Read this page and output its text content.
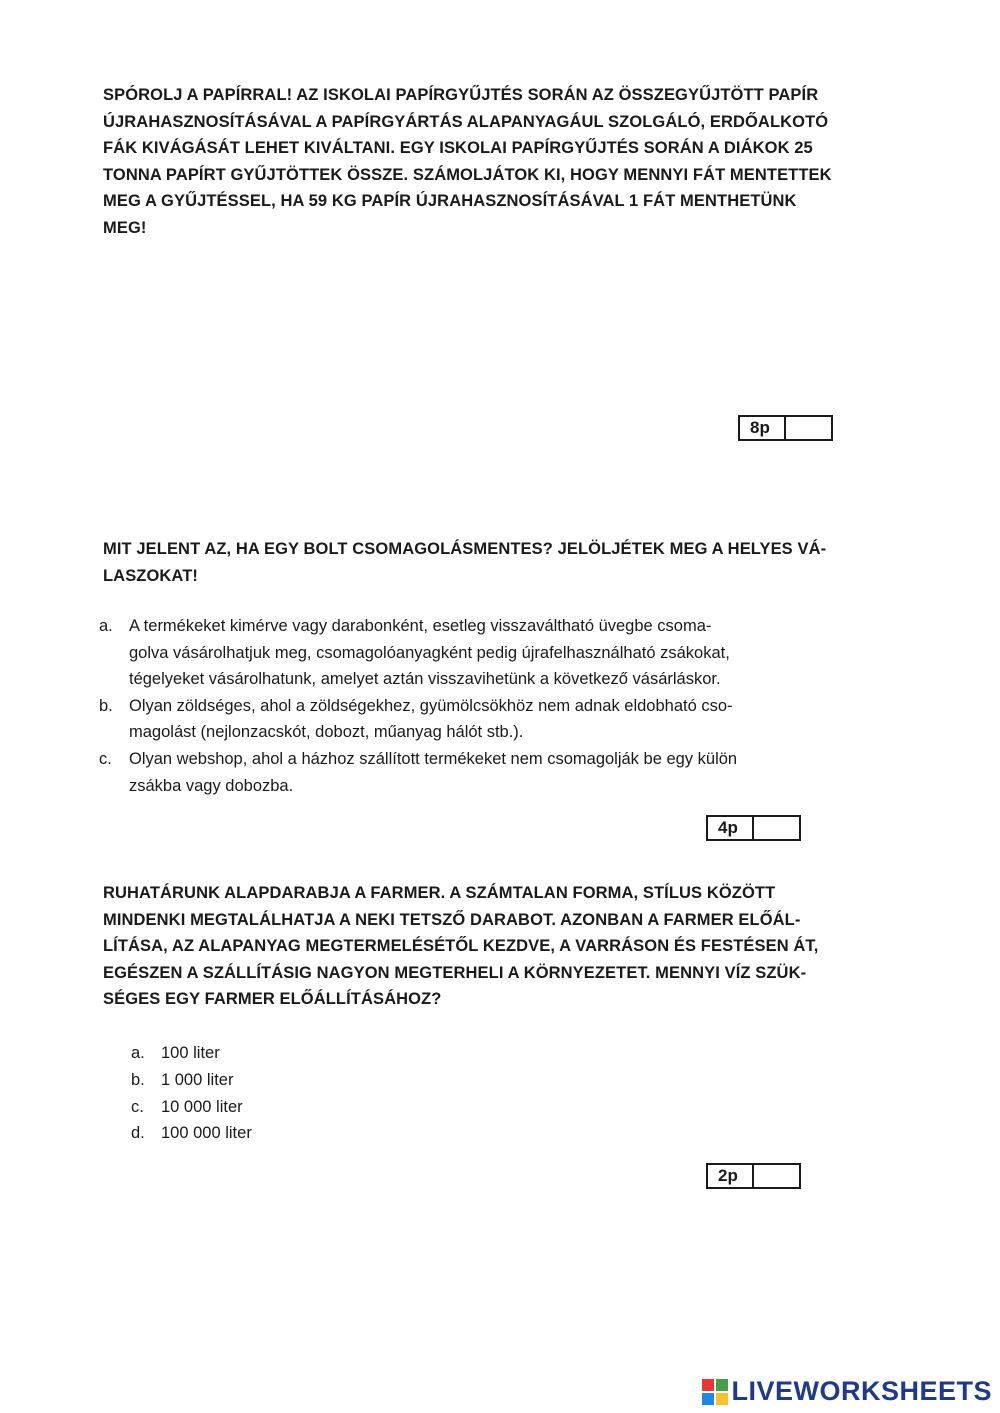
SPÓROLJ A PAPÍRRAL! AZ ISKOLAI PAPÍRGYŰJTÉS SORÁN AZ ÖSSZEGYŰJTÖTT PAPÍR
ÚJRAHASZNOSÍTÁSÁVAL A PAPÍRGYÁRTÁS ALAPANYAGÁUL SZOLGÁLÓ, ERDŐALKOTÓ
FÁK KIVÁGÁSÁT LEHET KIVÁLTANI. EGY ISKOLAI PAPÍRGYŰJTÉS SORÁN A DIÁKOK 25
TONNA PAPÍRT GYŰJTÖTTEK ÖSSZE. SZÁMOLJÁTOK KI, HOGY MENNYI FÁT MENTETTEK
MEG A GYŰJTÉSSEL, HA 59 KG PAPÍR ÚJRAHASZNOSÍTÁSÁVAL 1 FÁT MENTHETÜNK
MEG!
8p
MIT JELENT AZ, HA EGY BOLT CSOMAGOLÁSMENTES? JELÖLJÉTEK MEG A HELYES VÁ-
LASZOKAT!
a. A termékeket kimérve vagy darabonként, esetleg visszaváltható üvegbe csoma-
golva vásárolhatjuk meg, csomagolóanyagként pedig újrafelhasználható zsákokat,
tégelyeket vásárolhatunk, amelyet aztán visszavihetünk a következő vásárláskor.
b. Olyan zöldséges, ahol a zöldségekhez, gyümölcsökhöz nem adnak eldobható cso-
magolást (nejlonzacskót, dobozt, műanyag hálót stb.).
c.	Olyan webshop, ahol a házhoz szállított termékeket nem csomagolják be egy külön
zsákba vagy dobozba.
4p
RUHATÁRUNK ALAPDARABJA A FARMER. A SZÁMTALAN FORMA, STÍLUS KÖZÖTT
MINDENKI MEGTALÁLHATJA A NEKI TETSZŐ DARABOT. AZONBAN A FARMER ELŐÁL-
LÍTÁSA, AZ ALAPANYAG MEGTERMELÉSÉTŐL KEZDVE, A VARRÁSON ÉS FESTÉSEN ÁT,
EGÉSZEN A SZÁLLÍTÁSIG NAGYON MEGTERHELI A KÖRNYEZETET. MENNYI VÍZ SZÜK-
SÉGES EGY FARMER ELŐÁLLÍTÁSÁHOZ?
a. 100 liter
b. 1 000 liter
c.	10 000 liter
d. 100 000 liter
2p
LIVEWORKSHEETS
